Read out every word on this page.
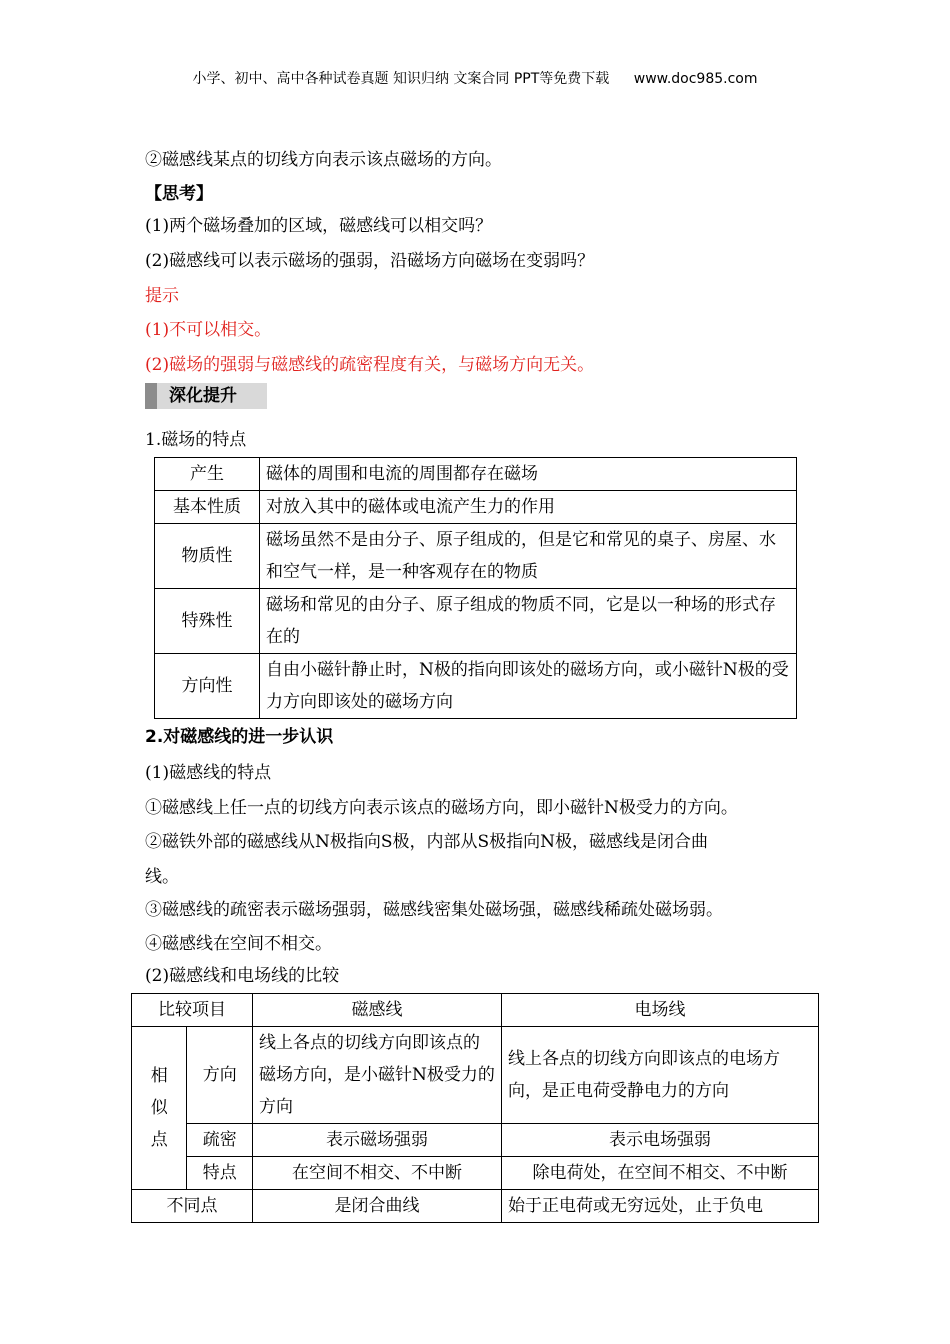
小学、初中、高中各种试卷真题 知识归纳 文案合同 PPT等免费下载 www.doc985.com
②磁感线某点的切线方向表示该点磁场的方向。
【思考】
(1)两个磁场叠加的区域，磁感线可以相交吗？
(2)磁感线可以表示磁场的强弱，沿磁场方向磁场在变弱吗？
提示
(1)不可以相交。
(2)磁场的强弱与磁感线的疏密程度有关，与磁场方向无关。
深化提升
1.磁场的特点
产生	磁体的周围和电流的周围都存在磁场
基本性质	对放入其中的磁体或电流产生力的作用
物质性	磁场虽然不是由分子、原子组成的，但是它和常见的桌子、房屋、水和空气一样，是一种客观存在的物质
特殊性	磁场和常见的由分子、原子组成的物质不同，它是以一种场的形式存在的
方向性	自由小磁针静止时，N极的指向即该处的磁场方向，或小磁针N极的受力方向即该处的磁场方向
2.对磁感线的进一步认识
(1)磁感线的特点
①磁感线上任一点的切线方向表示该点的磁场方向，即小磁针N极受力的方向。
②磁铁外部的磁感线从N极指向S极，内部从S极指向N极，磁感线是闭合曲
线。
③磁感线的疏密表示磁场强弱，磁感线密集处磁场强，磁感线稀疏处磁场弱。
④磁感线在空间不相交。
(2)磁感线和电场线的比较
比较项目		磁感线	电场线
相似点	方向	线上各点的切线方向即该点的磁场方向，是小磁针N极受力的方向	线上各点的切线方向即该点的电场方向，是正电荷受静电力的方向
	疏密	表示磁场强弱	表示电场强弱
	特点	在空间不相交、不中断	除电荷处，在空间不相交、不中断
不同点		是闭合曲线	始于正电荷或无穷远处，止于负电
